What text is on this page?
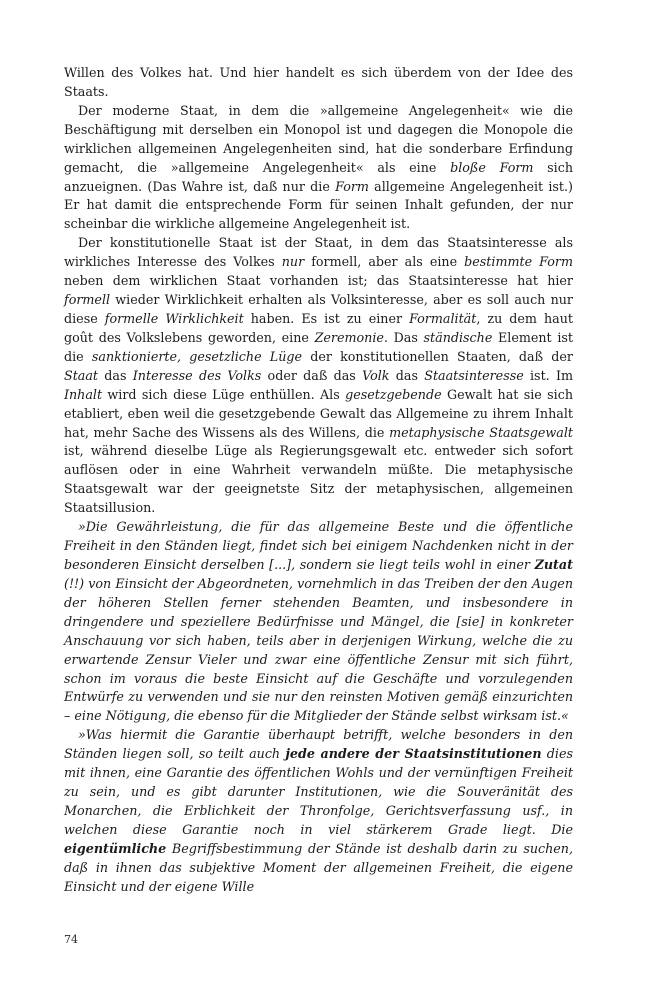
Willen des Volkes hat. Und hier handelt es sich überdem von der Idee des Staats.

Der moderne Staat, in dem die »allgemeine Angelegenheit« wie die Beschäftigung mit derselben ein Monopol ist und dagegen die Monopole die wirklichen allgemeinen Angelegenheiten sind, hat die sonderbare Erfindung gemacht, die »allgemeine Angelegenheit« als eine bloße Form sich anzueignen. (Das Wahre ist, daß nur die Form allgemeine Angelegenheit ist.) Er hat damit die entsprechende Form für seinen Inhalt gefunden, der nur scheinbar die wirkliche allgemeine Angelegenheit ist.

Der konstitutionelle Staat ist der Staat, in dem das Staatsinteresse als wirkliches Interesse des Volkes nur formell, aber als eine bestimmte Form neben dem wirklichen Staat vorhanden ist; das Staatsinteresse hat hier formell wieder Wirklichkeit erhalten als Volksinteresse, aber es soll auch nur diese formelle Wirklichkeit haben. Es ist zu einer Formalität, zu dem haut goût des Volkslebens geworden, eine Zeremonie. Das ständische Element ist die sanktionierte, gesetzliche Lüge der konstitutionellen Staaten, daß der Staat das Interesse des Volks oder daß das Volk das Staatsinteresse ist. Im Inhalt wird sich diese Lüge enthüllen. Als gesetzgebende Gewalt hat sie sich etabliert, eben weil die gesetzgebende Gewalt das Allgemeine zu ihrem Inhalt hat, mehr Sache des Wissens als des Willens, die metaphysische Staatsgewalt ist, während dieselbe Lüge als Regierungsgewalt etc. entweder sich sofort auflösen oder in eine Wahrheit verwandeln müßte. Die metaphysische Staatsgewalt war der geeignetste Sitz der metaphysischen, allgemeinen Staatsillusion.

»Die Gewährleistung, die für das allgemeine Beste und die öffentliche Freiheit in den Ständen liegt, findet sich bei einigem Nachdenken nicht in der besonderen Einsicht derselben [...], sondern sie liegt teils wohl in einer Zutat (!!) von Einsicht der Abgeordneten, vornehmlich in das Treiben der den Augen der höheren Stellen ferner stehenden Beamten, und insbesondere in dringendere und speziellere Bedürfnisse und Mängel, die [sie] in konkreter Anschauung vor sich haben, teils aber in derjenigen Wirkung, welche die zu erwartende Zensur Vieler und zwar eine öffentliche Zensur mit sich führt, schon im voraus die beste Einsicht auf die Geschäfte und vorzulegenden Entwürfe zu verwenden und sie nur den reinsten Motiven gemäß einzurichten – eine Nötigung, die ebenso für die Mitglieder der Stände selbst wirksam ist.«

»Was hiermit die Garantie überhaupt betrifft, welche besonders in den Ständen liegen soll, so teilt auch jede andere der Staatsinstitutionen dies mit ihnen, eine Garantie des öffentlichen Wohls und der vernünftigen Freiheit zu sein, und es gibt darunter Institutionen, wie die Souveränität des Monarchen, die Erblichkeit der Thronfolge, Gerichtsverfassung usf., in welchen diese Garantie noch in viel stärkerem Grade liegt. Die eigentümliche Begriffsbestimmung der Stände ist deshalb darin zu suchen, daß in ihnen das subjektive Moment der allgemeinen Freiheit, die eigene Einsicht und der eigene Wille

74
